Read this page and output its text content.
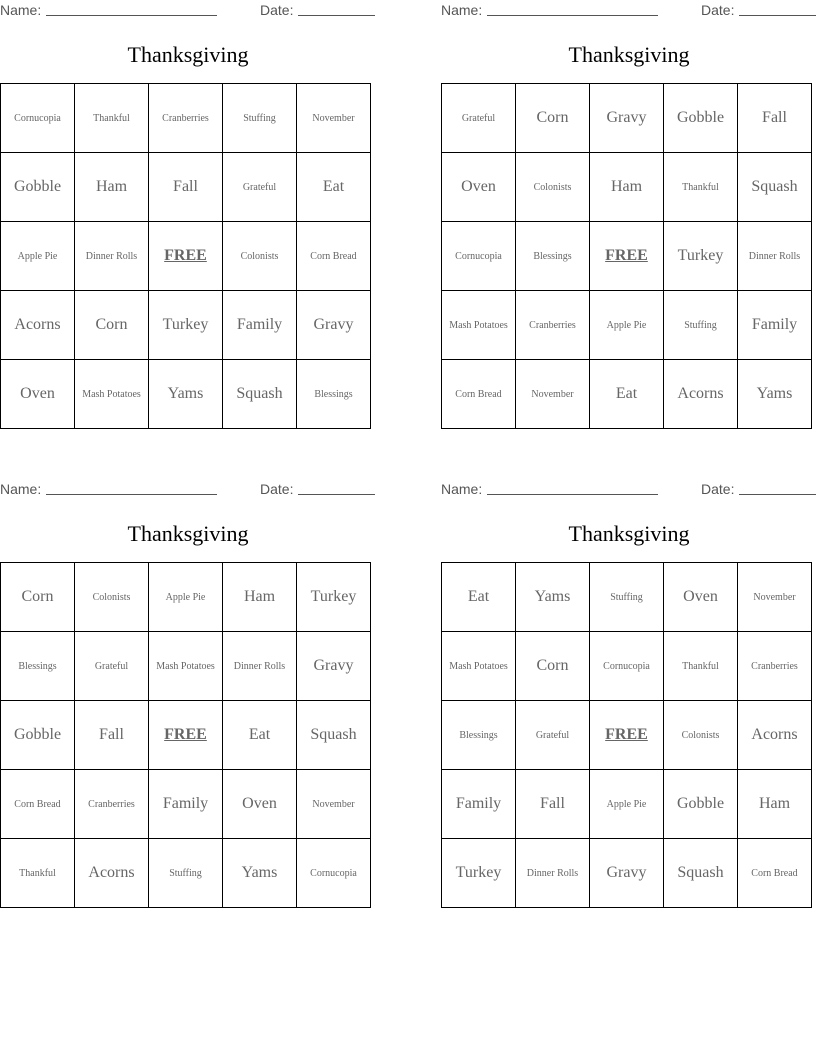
Name:	Date:
Thanksgiving
Cornucopia	Thankful	Cranberries	Stuffing	November
Gobble	Ham	Fall	Grateful	Eat
Apple Pie	Dinner Rolls	FREE	Colonists	Corn Bread
Acorns	Corn	Turkey	Family	Gravy
Oven	Mash Potatoes	Yams	Squash	Blessings
Name:	Date:
Thanksgiving
Grateful	Corn	Gravy	Gobble	Fall
Oven	Colonists	Ham	Thankful	Squash
Cornucopia	Blessings	FREE	Turkey	Dinner Rolls
Mash Potatoes	Cranberries	Apple Pie	Stuffing	Family
Corn Bread	November	Eat	Acorns	Yams
Name:	Date:
Thanksgiving
Corn	Colonists	Apple Pie	Ham	Turkey
Blessings	Grateful	Mash Potatoes	Dinner Rolls	Gravy
Gobble	Fall	FREE	Eat	Squash
Corn Bread	Cranberries	Family	Oven	November
Thankful	Acorns	Stuffing	Yams	Cornucopia
Name:	Date:
Thanksgiving
Eat	Yams	Stuffing	Oven	November
Mash Potatoes	Corn	Cornucopia	Thankful	Cranberries
Blessings	Grateful	FREE	Colonists	Acorns
Family	Fall	Apple Pie	Gobble	Ham
Turkey	Dinner Rolls	Gravy	Squash	Corn Bread
